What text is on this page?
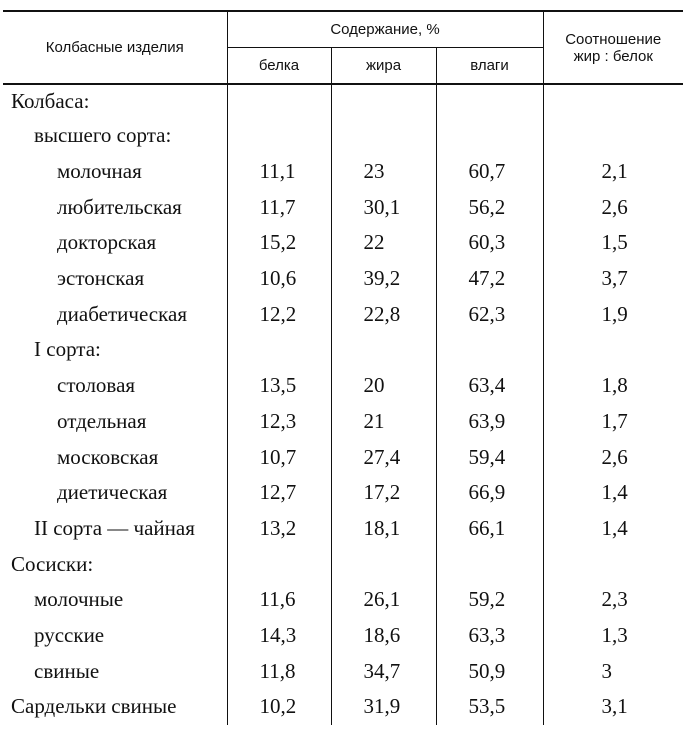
Колбасные изделия	Содержание, %			Соотношение
жир : белок

	белка	жира	влаги	
Колбаса:				
высшего сорта:				
молочная	11,1	23	60,7	2,1
любительская	11,7	30,1	56,2	2,6
докторская	15,2	22	60,3	1,5
эстонская	10,6	39,2	47,2	3,7
диабетическая	12,2	22,8	62,3	1,9
I сорта:				
столовая	13,5	20	63,4	1,8
отдельная	12,3	21	63,9	1,7
московская	10,7	27,4	59,4	2,6
диетическая	12,7	17,2	66,9	1,4
II сорта — чайная	13,2	18,1	66,1	1,4
Сосиски:				
молочные	11,6	26,1	59,2	2,3
русские	14,3	18,6	63,3	1,3
свиные	11,8	34,7	50,9	3
Сардельки свиные	10,2	31,9	53,5	3,1
